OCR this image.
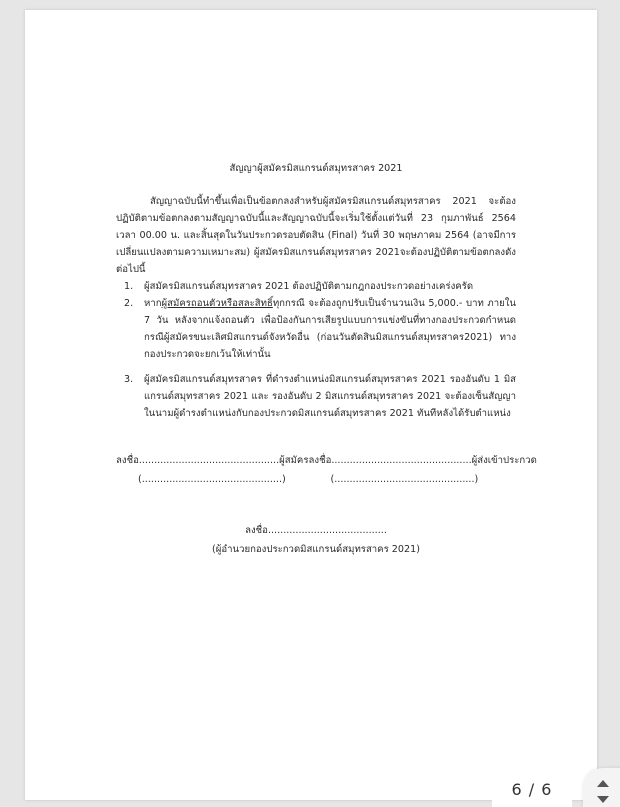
สัญญาผู้สมัครมิสแกรนด์สมุทรสาคร 2021

สัญญาฉบับนี้ทำขึ้นเพื่อเป็นข้อตกลงสำหรับผู้สมัครมิสแกรนด์สมุทรสาคร 2021 จะต้องปฏิบัติตามข้อตกลงตามสัญญาฉบับนี้และสัญญาฉบับนี้จะเริ่มใช้ตั้งแต่วันที่ 23 กุมภาพันธ์ 2564 เวลา 00.00 น. และสิ้นสุดในวันประกวดรอบตัดสิน (Final) วันที่ 30 พฤษภาคม 2564 (อาจมีการเปลี่ยนแปลงตามความเหมาะสม) ผู้สมัครมิสแกรนด์สมุทรสาคร 2021จะต้องปฏิบัติตามข้อตกลงดังต่อไปนี้

1.	ผู้สมัครมิสแกรนด์สมุทรสาคร 2021 ต้องปฏิบัติตามกฎกองประกวดอย่างเคร่งครัด
2.	หากผู้สมัครถอนตัวหรือสละสิทธิ์ทุกกรณี จะต้องถูกปรับเป็นจำนวนเงิน 5,000.- บาท ภายใน 7 วัน หลังจากแจ้งถอนตัว เพื่อป้องกันการเสียรูปแบบการแข่งขันที่ทางกองประกวดกำหนด กรณีผู้สมัครขนะเลิศมิสแกรนด์จังหวัดอื่น (ก่อนวันตัดสินมิสแกรนด์สมุทรสาคร2021) ทางกองประกวดจะยกเว้นให้เท่านั้น
3.	ผู้สมัครมิสแกรนด์สมุทรสาคร ที่ดำรงตำแหน่งมิสแกรนด์สมุทรสาคร 2021 รองอันดับ 1 มิสแกรนด์สมุทรสาคร 2021 และ รองอันดับ 2 มิสแกรนด์สมุทรสาคร 2021 จะต้องเซ็นสัญญาในนามผู้ดำรงตำแหน่งกับกองประกวดมิสแกรนด์สมุทรสาคร 2021 ทันทีหลังได้รับตำแหน่ง
ลงชื่อ..............................................ผู้สมัคร
(..............................................)
ลงชื่อ..............................................ผู้ส่งเข้าประกวด
(..............................................)
ลงชื่อ.......................................
(ผู้อำนวยกองประกวดมิสแกรนด์สมุทรสาคร 2021)
6 / 6
